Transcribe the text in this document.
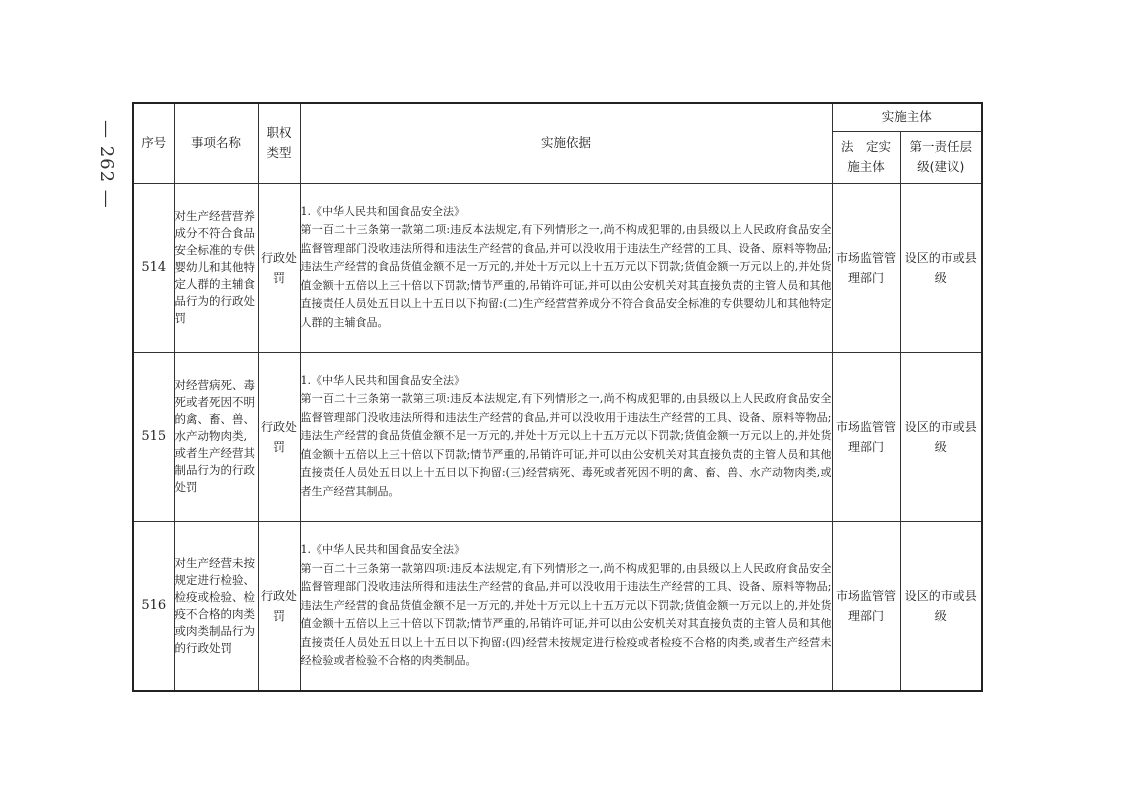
— 262 — 序号	事项名称	职权类型	实施依据	实施主体	
				法　定实施主体	第一责任层级(建议)
514	对生产经营营养成分不符合食品安全标准的专供婴幼儿和其他特定人群的主辅食品行为的行政处罚	行政处罚	1.《中华人民共和国食品安全法》

第一百二十三条第一款第二项:违反本法规定,有下列情形之一,尚不构成犯罪的,由县级以上人民政府食品安全监督管理部门没收违法所得和违法生产经营的食品,并可以没收用于违法生产经营的工具、设备、原料等物品;违法生产经营的食品货值金额不足一万元的,并处十万元以上十五万元以下罚款;货值金额一万元以上的,并处货值金额十五倍以上三十倍以下罚款;情节严重的,吊销许可证,并可以由公安机关对其直接负责的主管人员和其他直接责任人员处五日以上十五日以下拘留:(二)生产经营营养成分不符合食品安全标准的专供婴幼儿和其他特定人群的主辅食品。	市场监管管理部门	设区的市或县级
515	对经营病死、毒死或者死因不明的禽、畜、兽、水产动物肉类,或者生产经营其制品行为的行政处罚	行政处罚	1.《中华人民共和国食品安全法》

第一百二十三条第一款第三项:违反本法规定,有下列情形之一,尚不构成犯罪的,由县级以上人民政府食品安全监督管理部门没收违法所得和违法生产经营的食品,并可以没收用于违法生产经营的工具、设备、原料等物品;违法生产经营的食品货值金额不足一万元的,并处十万元以上十五万元以下罚款;货值金额一万元以上的,并处货值金额十五倍以上三十倍以下罚款;情节严重的,吊销许可证,并可以由公安机关对其直接负责的主管人员和其他直接责任人员处五日以上十五日以下拘留:(三)经营病死、毒死或者死因不明的禽、畜、兽、水产动物肉类,或者生产经营其制品。	市场监管管理部门	设区的市或县级
516	对生产经营未按规定进行检验、检疫或检验、检疫不合格的肉类或肉类制品行为的行政处罚	行政处罚	1.《中华人民共和国食品安全法》

第一百二十三条第一款第四项:违反本法规定,有下列情形之一,尚不构成犯罪的,由县级以上人民政府食品安全监督管理部门没收违法所得和违法生产经营的食品,并可以没收用于违法生产经营的工具、设备、原料等物品;违法生产经营的食品货值金额不足一万元的,并处十万元以上十五万元以下罚款;货值金额一万元以上的,并处货值金额十五倍以上三十倍以下罚款;情节严重的,吊销许可证,并可以由公安机关对其直接负责的主管人员和其他直接责任人员处五日以上十五日以下拘留:(四)经营未按规定进行检疫或者检疫不合格的肉类,或者生产经营未经检验或者检验不合格的肉类制品。	市场监管管理部门	设区的市或县级
